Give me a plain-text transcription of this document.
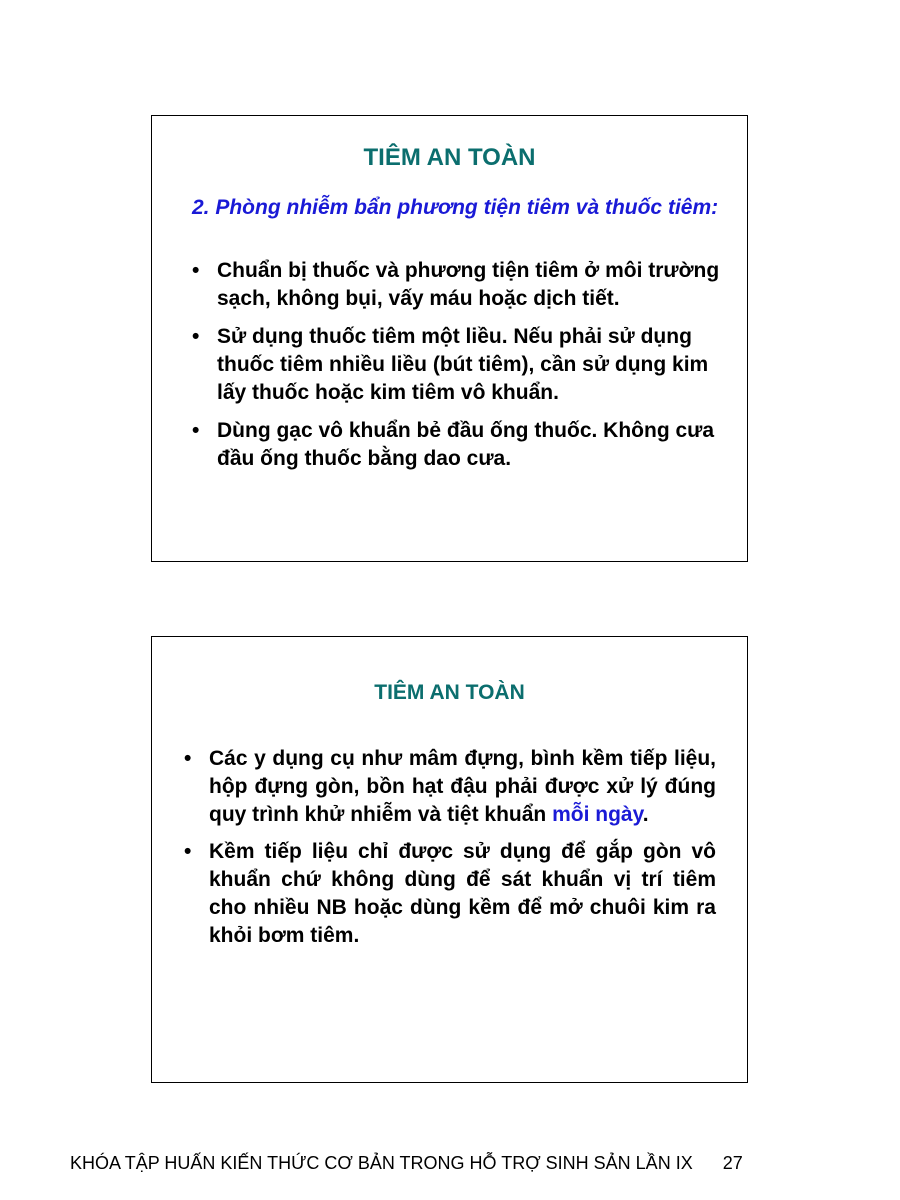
TIÊM AN TOÀN
2. Phòng nhiễm bẩn phương tiện tiêm và thuốc tiêm:
• Chuẩn bị thuốc và phương tiện tiêm ở môi trường sạch, không bụi, vấy máu hoặc dịch tiết.
• Sử dụng thuốc tiêm một liều. Nếu phải sử dụng thuốc tiêm nhiều liều (bút tiêm), cần sử dụng kim lấy thuốc hoặc kim tiêm vô khuẩn.
• Dùng gạc vô khuẩn bẻ đầu ống thuốc. Không cưa đầu ống thuốc bằng dao cưa.
TIÊM AN TOÀN
• Các y dụng cụ như mâm đựng, bình kềm tiếp liệu, hộp đựng gòn, bồn hạt đậu phải được xử lý đúng quy trình khử nhiễm và tiệt khuẩn mỗi ngày.
• Kềm tiếp liệu chỉ được sử dụng để gắp gòn vô khuẩn chứ không dùng để sát khuẩn vị trí tiêm cho nhiều NB hoặc dùng kềm để mở chuôi kim ra khỏi bơm tiêm.
KHÓA TẬP HUẤN KIẾN THỨC CƠ BẢN TRONG HỖ TRỢ SINH SẢN LẦN IX 27
